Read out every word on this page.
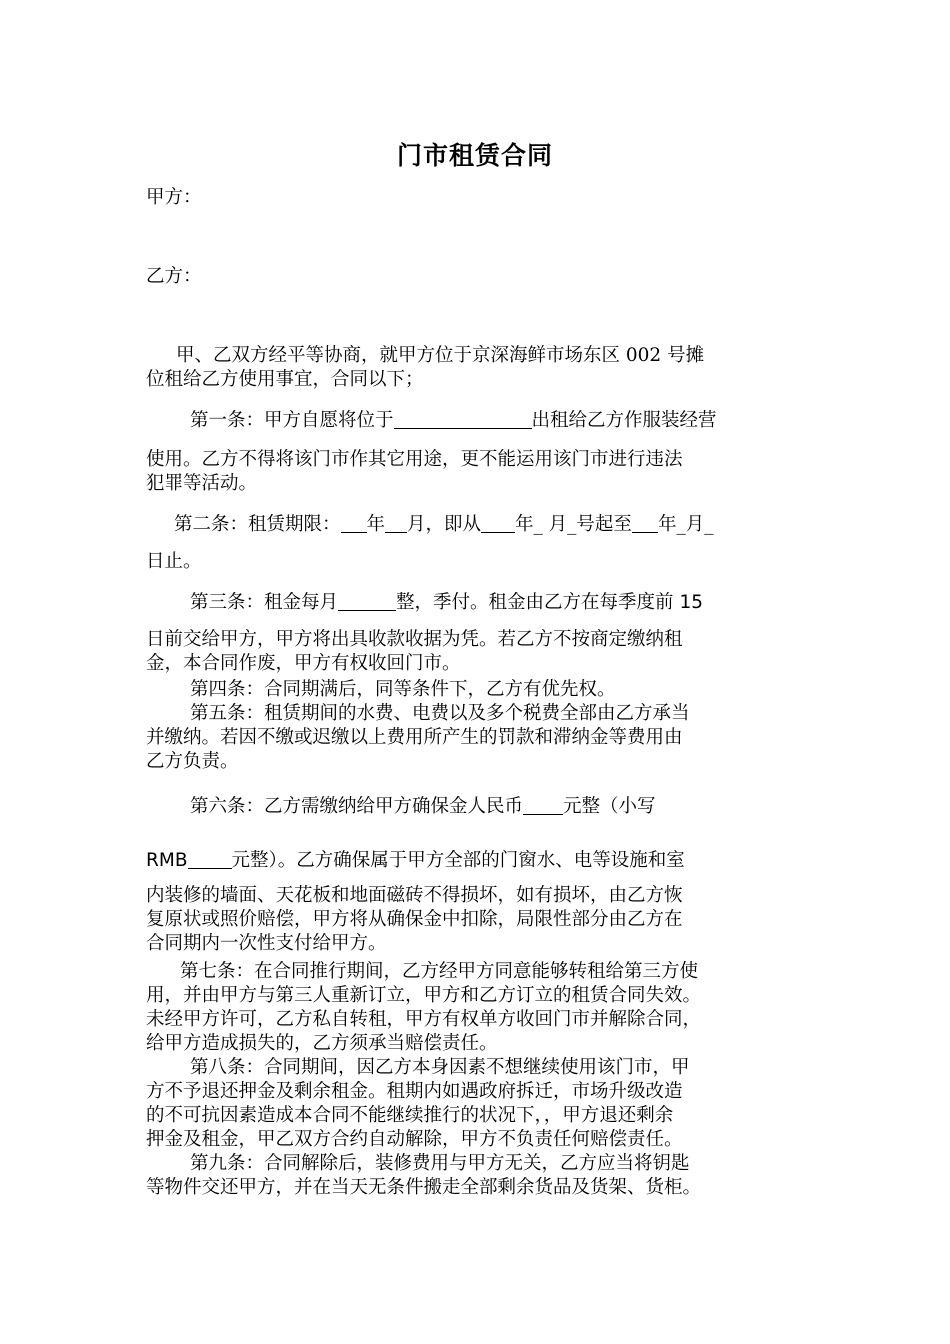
门市租赁合同
甲方：
乙方：
甲、乙双方经平等协商，就甲方位于京深海鲜市场东区 002 号摊
位租给乙方使用事宜，合同以下；
第一条：甲方自愿将位于	出租给乙方作服装经营
使用。乙方不得将该门市作其它用途，更不能运用该门市进行违法
犯罪等活动。
第二条：租赁期限： 年 月，即从 年_ 月_号起至 年_月_
日止。
第三条：租金每月	整，季付。租金由乙方在每季度前 15
日前交给甲方，甲方将出具收款收据为凭。若乙方不按商定缴纳租
金，本合同作废，甲方有权收回门市。
第四条：合同期满后，同等条件下，乙方有优先权。
第五条：租赁期间的水费、电费以及多个税费全部由乙方承当
并缴纳。若因不缴或迟缴以上费用所产生的罚款和滞纳金等费用由
乙方负责。
第六条：乙方需缴纳给甲方确保金人民币 元整（小写
RMB 元整）。乙方确保属于甲方全部的门窗水、电等设施和室
内装修的墙面、天花板和地面磁砖不得损坏，如有损坏，由乙方恢
复原状或照价赔偿，甲方将从确保金中扣除，局限性部分由乙方在
合同期内一次性支付给甲方。
第七条：在合同推行期间，乙方经甲方同意能够转租给第三方使
用，并由甲方与第三人重新订立，甲方和乙方订立的租赁合同失效。
未经甲方许可，乙方私自转租，甲方有权单方收回门市并解除合同，
给甲方造成损失的，乙方须承当赔偿责任。
第八条：合同期间，因乙方本身因素不想继续使用该门市，甲
方不予退还押金及剩余租金。租期内如遇政府拆迁，市场升级改造
的不可抗因素造成本合同不能继续推行的状况下，，甲方退还剩余
押金及租金，甲乙双方合约自动解除，甲方不负责任何赔偿责任。
第九条：合同解除后，装修费用与甲方无关，乙方应当将钥匙
等物件交还甲方，并在当天无条件搬走全部剩余货品及货架、货柜。
